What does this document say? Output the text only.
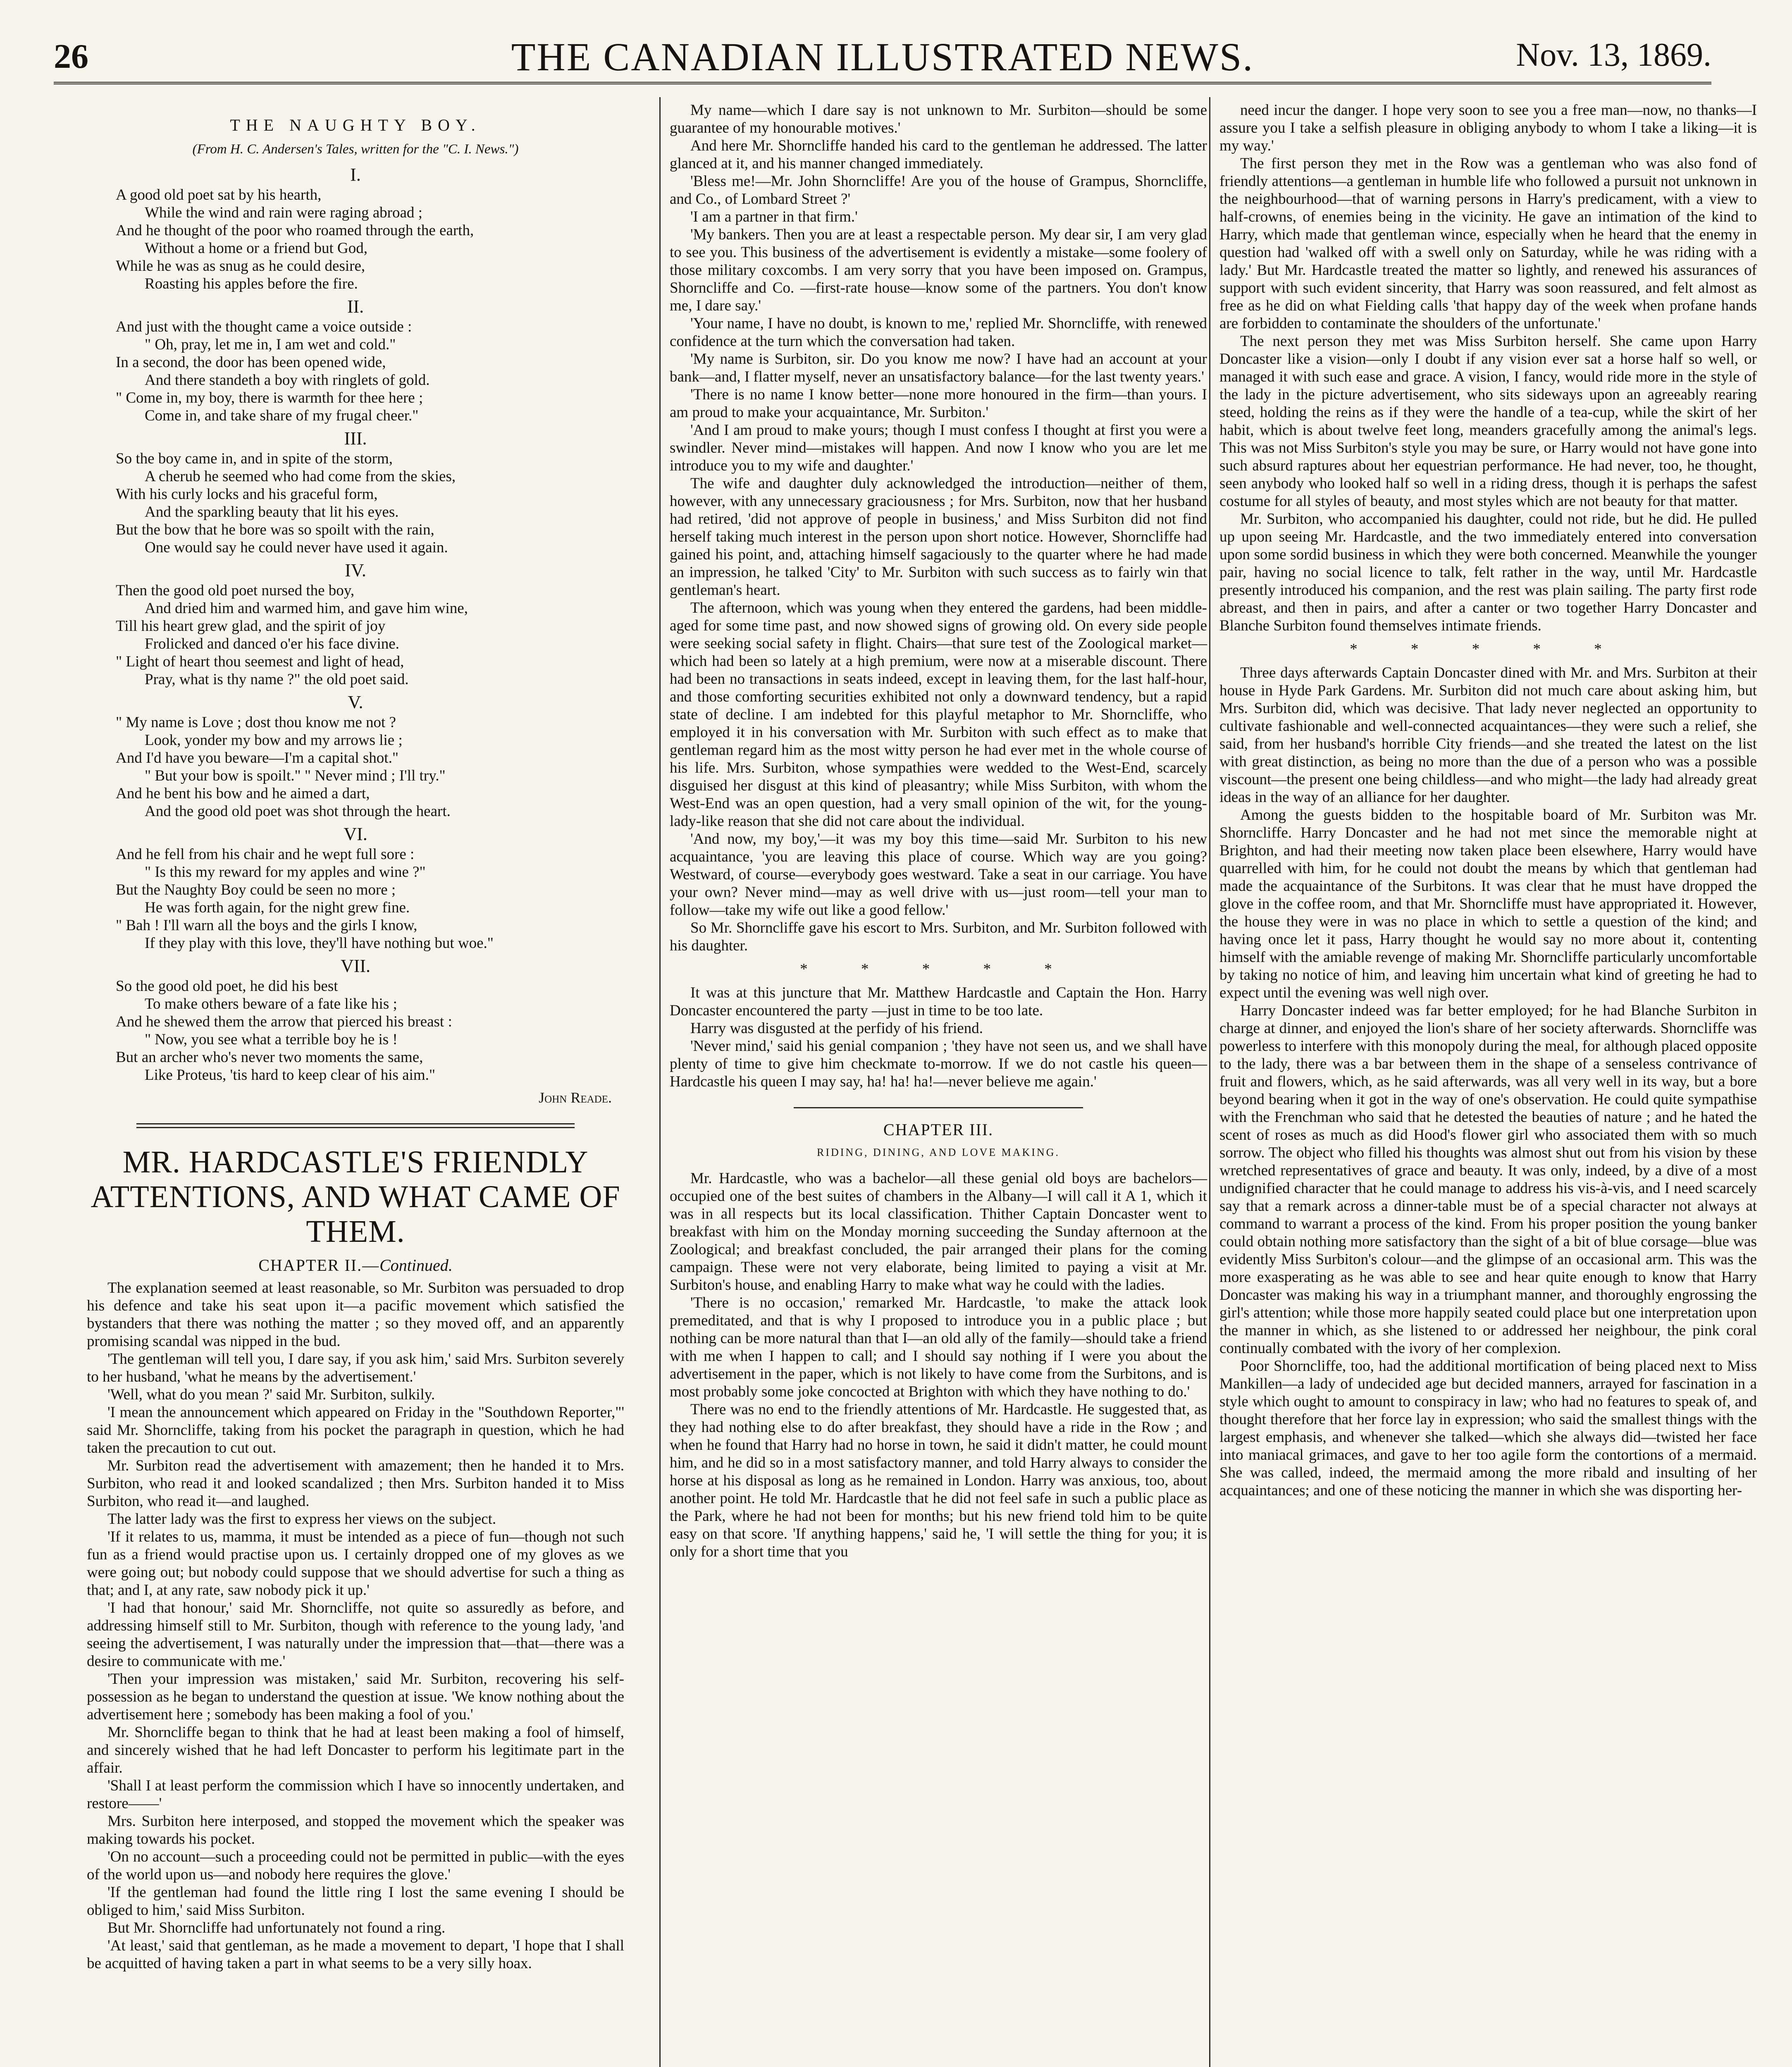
26	THE CANADIAN ILLUSTRATED NEWS.	Nov. 13, 1869.
THE NAUGHTY BOY.
(From H. C. Andersen's Tales, written for the "C. I. News.")
I.
A good old poet sat by his hearth,
While the wind and rain were raging abroad ;
And he thought of the poor who roamed through the earth,
Without a home or a friend but God,
While he was as snug as he could desire,
Roasting his apples before the fire.
II.
And just with the thought came a voice outside :
" Oh, pray, let me in, I am wet and cold."
In a second, the door has been opened wide,
And there standeth a boy with ringlets of gold.
" Come in, my boy, there is warmth for thee here ;
Come in, and take share of my frugal cheer."
III.
So the boy came in, and in spite of the storm,
A cherub he seemed who had come from the skies,
With his curly locks and his graceful form,
And the sparkling beauty that lit his eyes.
But the bow that he bore was so spoilt with the rain,
One would say he could never have used it again.
IV.
Then the good old poet nursed the boy,
And dried him and warmed him, and gave him wine,
Till his heart grew glad, and the spirit of joy
Frolicked and danced o'er his face divine.
" Light of heart thou seemest and light of head,
Pray, what is thy name ?" the old poet said.
V.
" My name is Love ; dost thou know me not ?
Look, yonder my bow and my arrows lie ;
And I'd have you beware—I'm a capital shot."
" But your bow is spoilt." " Never mind ; I'll try."
And he bent his bow and he aimed a dart,
And the good old poet was shot through the heart.
VI.
And he fell from his chair and he wept full sore :
" Is this my reward for my apples and wine ?"
But the Naughty Boy could be seen no more ;
He was forth again, for the night grew fine.
" Bah ! I'll warn all the boys and the girls I know,
If they play with this love, they'll have nothing but woe."
VII.
So the good old poet, he did his best
To make others beware of a fate like his ;
And he shewed them the arrow that pierced his breast :
" Now, you see what a terrible boy he is !
But an archer who's never two moments the same,
Like Proteus, 'tis hard to keep clear of his aim."
John Reade.
MR. HARDCASTLE'S FRIENDLY ATTENTIONS, AND WHAT CAME OF THEM.
CHAPTER II.—Continued.

The explanation seemed at least reasonable, so Mr. Surbiton was persuaded to drop his defence and take his seat upon it—a pacific movement which satisfied the bystanders that there was nothing the matter ; so they moved off, and an apparently promising scandal was nipped in the bud.

'The gentleman will tell you, I dare say, if you ask him,' said Mrs. Surbiton severely to her husband, 'what he means by the advertisement.'

'Well, what do you mean ?' said Mr. Surbiton, sulkily.

'I mean the announcement which appeared on Friday in the "Southdown Reporter,"' said Mr. Shorncliffe, taking from his pocket the paragraph in question, which he had taken the precaution to cut out.

Mr. Surbiton read the advertisement with amazement; then he handed it to Mrs. Surbiton, who read it and looked scandalized ; then Mrs. Surbiton handed it to Miss Surbiton, who read it—and laughed.

The latter lady was the first to express her views on the subject.

'If it relates to us, mamma, it must be intended as a piece of fun—though not such fun as a friend would practise upon us. I certainly dropped one of my gloves as we were going out; but nobody could suppose that we should advertise for such a thing as that; and I, at any rate, saw nobody pick it up.'

'I had that honour,' said Mr. Shorncliffe, not quite so assuredly as before, and addressing himself still to Mr. Surbiton, though with reference to the young lady, 'and seeing the advertisement, I was naturally under the impression that—that—there was a desire to communicate with me.'

'Then your impression was mistaken,' said Mr. Surbiton, recovering his self-possession as he began to understand the question at issue. 'We know nothing about the advertisement here ; somebody has been making a fool of you.'

Mr. Shorncliffe began to think that he had at least been making a fool of himself, and sincerely wished that he had left Doncaster to perform his legitimate part in the affair.

'Shall I at least perform the commission which I have so innocently undertaken, and restore——'

Mrs. Surbiton here interposed, and stopped the movement which the speaker was making towards his pocket.

'On no account—such a proceeding could not be permitted in public—with the eyes of the world upon us—and nobody here requires the glove.'

'If the gentleman had found the little ring I lost the same evening I should be obliged to him,' said Miss Surbiton.

But Mr. Shorncliffe had unfortunately not found a ring.

'At least,' said that gentleman, as he made a movement to depart, 'I hope that I shall be acquitted of having taken a part in what seems to be a very silly hoax.

My name—which I dare say is not unknown to Mr. Surbiton—should be some guarantee of my honourable motives.'

And here Mr. Shorncliffe handed his card to the gentleman he addressed. The latter glanced at it, and his manner changed immediately.

'Bless me!—Mr. John Shorncliffe! Are you of the house of Grampus, Shorncliffe, and Co., of Lombard Street ?'

'I am a partner in that firm.'

'My bankers. Then you are at least a respectable person. My dear sir, I am very glad to see you. This business of the advertisement is evidently a mistake—some foolery of those military coxcombs. I am very sorry that you have been imposed on. Grampus, Shorncliffe and Co. —first-rate house—know some of the partners. You don't know me, I dare say.'

'Your name, I have no doubt, is known to me,' replied Mr. Shorncliffe, with renewed confidence at the turn which the conversation had taken.

'My name is Surbiton, sir. Do you know me now? I have had an account at your bank—and, I flatter myself, never an unsatisfactory balance—for the last twenty years.'

'There is no name I know better—none more honoured in the firm—than yours. I am proud to make your acquaintance, Mr. Surbiton.'

'And I am proud to make yours; though I must confess I thought at first you were a swindler. Never mind—mistakes will happen. And now I know who you are let me introduce you to my wife and daughter.'

The wife and daughter duly acknowledged the introduction—neither of them, however, with any unnecessary graciousness ; for Mrs. Surbiton, now that her husband had retired, 'did not approve of people in business,' and Miss Surbiton did not find herself taking much interest in the person upon short notice. However, Shorncliffe had gained his point, and, attaching himself sagaciously to the quarter where he had made an impression, he talked 'City' to Mr. Surbiton with such success as to fairly win that gentleman's heart.

The afternoon, which was young when they entered the gardens, had been middle-aged for some time past, and now showed signs of growing old. On every side people were seeking social safety in flight. Chairs—that sure test of the Zoological market—which had been so lately at a high premium, were now at a miserable discount. There had been no transactions in seats indeed, except in leaving them, for the last half-hour, and those comforting securities exhibited not only a downward tendency, but a rapid state of decline. I am indebted for this playful metaphor to Mr. Shorncliffe, who employed it in his conversation with Mr. Surbiton with such effect as to make that gentleman regard him as the most witty person he had ever met in the whole course of his life. Mrs. Surbiton, whose sympathies were wedded to the West-End, scarcely disguised her disgust at this kind of pleasantry; while Miss Surbiton, with whom the West-End was an open question, had a very small opinion of the wit, for the young-lady-like reason that she did not care about the individual.

'And now, my boy,'—it was my boy this time—said Mr. Surbiton to his new acquaintance, 'you are leaving this place of course. Which way are you going? Westward, of course—everybody goes westward. Take a seat in our carriage. You have your own? Never mind—may as well drive with us—just room—tell your man to follow—take my wife out like a good fellow.'

So Mr. Shorncliffe gave his escort to Mrs. Surbiton, and Mr. Surbiton followed with his daughter.

* * * * *

It was at this juncture that Mr. Matthew Hardcastle and Captain the Hon. Harry Doncaster encountered the party —just in time to be too late.

Harry was disgusted at the perfidy of his friend.

'Never mind,' said his genial companion ; 'they have not seen us, and we shall have plenty of time to give him checkmate to-morrow. If we do not castle his queen—Hardcastle his queen I may say, ha! ha! ha!—never believe me again.'

CHAPTER III.
RIDING, DINING, AND LOVE MAKING.

Mr. Hardcastle, who was a bachelor—all these genial old boys are bachelors—occupied one of the best suites of chambers in the Albany—I will call it A 1, which it was in all respects but its local classification. Thither Captain Doncaster went to breakfast with him on the Monday morning succeeding the Sunday afternoon at the Zoological; and breakfast concluded, the pair arranged their plans for the coming campaign. These were not very elaborate, being limited to paying a visit at Mr. Surbiton's house, and enabling Harry to make what way he could with the ladies.

'There is no occasion,' remarked Mr. Hardcastle, 'to make the attack look premeditated, and that is why I proposed to introduce you in a public place ; but nothing can be more natural than that I—an old ally of the family—should take a friend with me when I happen to call; and I should say nothing if I were you about the advertisement in the paper, which is not likely to have come from the Surbitons, and is most probably some joke concocted at Brighton with which they have nothing to do.'

There was no end to the friendly attentions of Mr. Hardcastle. He suggested that, as they had nothing else to do after breakfast, they should have a ride in the Row ; and when he found that Harry had no horse in town, he said it didn't matter, he could mount him, and he did so in a most satisfactory manner, and told Harry always to consider the horse at his disposal as long as he remained in London. Harry was anxious, too, about another point. He told Mr. Hardcastle that he did not feel safe in such a public place as the Park, where he had not been for months; but his new friend told him to be quite easy on that score. 'If anything happens,' said he, 'I will settle the thing for you; it is only for a short time that you

need incur the danger. I hope very soon to see you a free man—now, no thanks—I assure you I take a selfish pleasure in obliging anybody to whom I take a liking—it is my way.'

The first person they met in the Row was a gentleman who was also fond of friendly attentions—a gentleman in humble life who followed a pursuit not unknown in the neighbourhood—that of warning persons in Harry's predicament, with a view to half-crowns, of enemies being in the vicinity. He gave an intimation of the kind to Harry, which made that gentleman wince, especially when he heard that the enemy in question had 'walked off with a swell only on Saturday, while he was riding with a lady.' But Mr. Hardcastle treated the matter so lightly, and renewed his assurances of support with such evident sincerity, that Harry was soon reassured, and felt almost as free as he did on what Fielding calls 'that happy day of the week when profane hands are forbidden to contaminate the shoulders of the unfortunate.'

The next person they met was Miss Surbiton herself. She came upon Harry Doncaster like a vision—only I doubt if any vision ever sat a horse half so well, or managed it with such ease and grace. A vision, I fancy, would ride more in the style of the lady in the picture advertisement, who sits sideways upon an agreeably rearing steed, holding the reins as if they were the handle of a tea-cup, while the skirt of her habit, which is about twelve feet long, meanders gracefully among the animal's legs. This was not Miss Surbiton's style you may be sure, or Harry would not have gone into such absurd raptures about her equestrian performance. He had never, too, he thought, seen anybody who looked half so well in a riding dress, though it is perhaps the safest costume for all styles of beauty, and most styles which are not beauty for that matter.

Mr. Surbiton, who accompanied his daughter, could not ride, but he did. He pulled up upon seeing Mr. Hardcastle, and the two immediately entered into conversation upon some sordid business in which they were both concerned. Meanwhile the younger pair, having no social licence to talk, felt rather in the way, until Mr. Hardcastle presently introduced his companion, and the rest was plain sailing. The party first rode abreast, and then in pairs, and after a canter or two together Harry Doncaster and Blanche Surbiton found themselves intimate friends.

* * * * *

Three days afterwards Captain Doncaster dined with Mr. and Mrs. Surbiton at their house in Hyde Park Gardens. Mr. Surbiton did not much care about asking him, but Mrs. Surbiton did, which was decisive. That lady never neglected an opportunity to cultivate fashionable and well-connected acquaintances—they were such a relief, she said, from her husband's horrible City friends—and she treated the latest on the list with great distinction, as being no more than the due of a person who was a possible viscount—the present one being childless—and who might—the lady had already great ideas in the way of an alliance for her daughter.

Among the guests bidden to the hospitable board of Mr. Surbiton was Mr. Shorncliffe. Harry Doncaster and he had not met since the memorable night at Brighton, and had their meeting now taken place been elsewhere, Harry would have quarrelled with him, for he could not doubt the means by which that gentleman had made the acquaintance of the Surbitons. It was clear that he must have dropped the glove in the coffee room, and that Mr. Shorncliffe must have appropriated it. However, the house they were in was no place in which to settle a question of the kind; and having once let it pass, Harry thought he would say no more about it, contenting himself with the amiable revenge of making Mr. Shorncliffe particularly uncomfortable by taking no notice of him, and leaving him uncertain what kind of greeting he had to expect until the evening was well nigh over.

Harry Doncaster indeed was far better employed; for he had Blanche Surbiton in charge at dinner, and enjoyed the lion's share of her society afterwards. Shorncliffe was powerless to interfere with this monopoly during the meal, for although placed opposite to the lady, there was a bar between them in the shape of a senseless contrivance of fruit and flowers, which, as he said afterwards, was all very well in its way, but a bore beyond bearing when it got in the way of one's observation. He could quite sympathise with the Frenchman who said that he detested the beauties of nature ; and he hated the scent of roses as much as did Hood's flower girl who associated them with so much sorrow. The object who filled his thoughts was almost shut out from his vision by these wretched representatives of grace and beauty. It was only, indeed, by a dive of a most undignified character that he could manage to address his vis-à-vis, and I need scarcely say that a remark across a dinner-table must be of a special character not always at command to warrant a process of the kind. From his proper position the young banker could obtain nothing more satisfactory than the sight of a bit of blue corsage—blue was evidently Miss Surbiton's colour—and the glimpse of an occasional arm. This was the more exasperating as he was able to see and hear quite enough to know that Harry Doncaster was making his way in a triumphant manner, and thoroughly engrossing the girl's attention; while those more happily seated could place but one interpretation upon the manner in which, as she listened to or addressed her neighbour, the pink coral continually combated with the ivory of her complexion.

Poor Shorncliffe, too, had the additional mortification of being placed next to Miss Mankillen—a lady of undecided age but decided manners, arrayed for fascination in a style which ought to amount to conspiracy in law; who had no features to speak of, and thought therefore that her force lay in expression; who said the smallest things with the largest emphasis, and whenever she talked—which she always did—twisted her face into maniacal grimaces, and gave to her too agile form the contortions of a mermaid. She was called, indeed, the mermaid among the more ribald and insulting of her acquaintances; and one of these noticing the manner in which she was disporting her-
